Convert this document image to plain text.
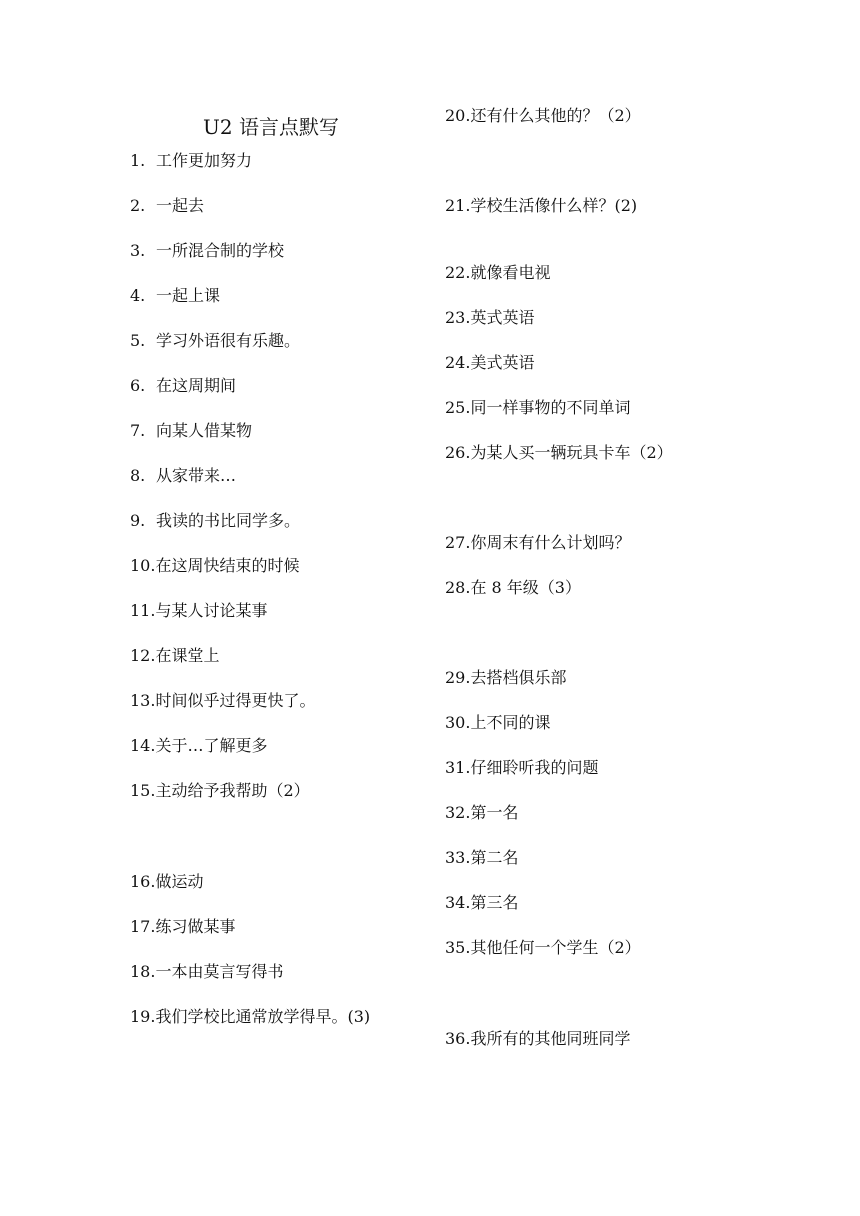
U2 语言点默写
1. 工作更加努力
2. 一起去
3. 一所混合制的学校
4. 一起上课
5. 学习外语很有乐趣。
6. 在这周期间
7. 向某人借某物
8. 从家带来…
9. 我读的书比同学多。
10.在这周快结束的时候
11.与某人讨论某事
12.在课堂上
13.时间似乎过得更快了。
14.关于…了解更多
15.主动给予我帮助（2）
16.做运动
17.练习做某事
18.一本由莫言写得书
19.我们学校比通常放学得早。(3)
20.还有什么其他的？（2）
21.学校生活像什么样？(2)
22.就像看电视
23.英式英语
24.美式英语
25.同一样事物的不同单词
26.为某人买一辆玩具卡车（2）
27.你周末有什么计划吗？
28.在 8 年级（3）
29.去搭档俱乐部
30.上不同的课
31.仔细聆听我的问题
32.第一名
33.第二名
34.第三名
35.其他任何一个学生（2）
36.我所有的其他同班同学
